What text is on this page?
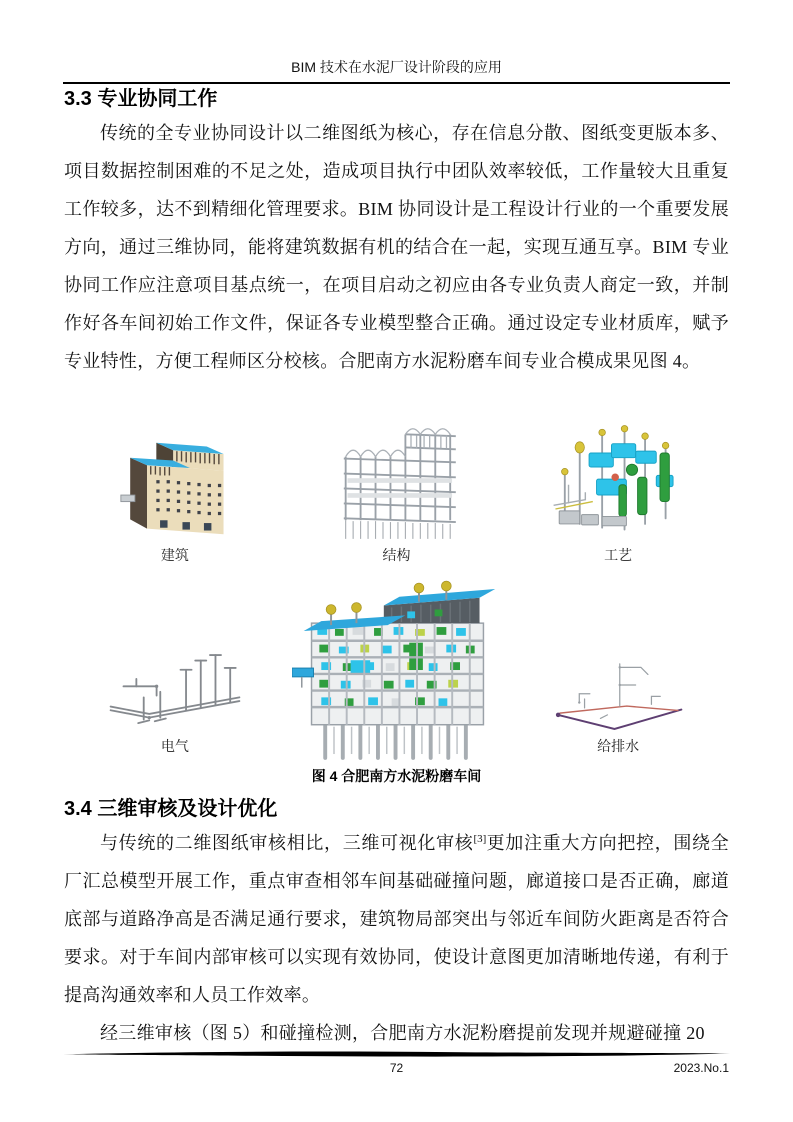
BIM 技术在水泥厂设计阶段的应用
3.3 专业协同工作

传统的全专业协同设计以二维图纸为核心，存在信息分散、图纸变更版本多、项目数据控制困难的不足之处，造成项目执行中团队效率较低，工作量较大且重复工作较多，达不到精细化管理要求。BIM 协同设计是工程设计行业的一个重要发展方向，通过三维协同，能将建筑数据有机的结合在一起，实现互通互享。BIM 专业协同工作应注意项目基点统一，在项目启动之初应由各专业负责人商定一致，并制作好各车间初始工作文件，保证各专业模型整合正确。通过设定专业材质库，赋予专业特性，方便工程师区分校核。合肥南方水泥粉磨车间专业合模成果见图 4。

建筑	结构	工艺
电气	给排水
图 4 合肥南方水泥粉磨车间
3.4 三维审核及设计优化

与传统的二维图纸审核相比，三维可视化审核[3]更加注重大方向把控，围绕全厂汇总模型开展工作，重点审查相邻车间基础碰撞问题，廊道接口是否正确，廊道底部与道路净高是否满足通行要求，建筑物局部突出与邻近车间防火距离是否符合要求。对于车间内部审核可以实现有效协同，使设计意图更加清晰地传递，有利于提高沟通效率和人员工作效率。

经三维审核（图 5）和碰撞检测，合肥南方水泥粉磨提前发现并规避碰撞 20

72	2023.No.1
